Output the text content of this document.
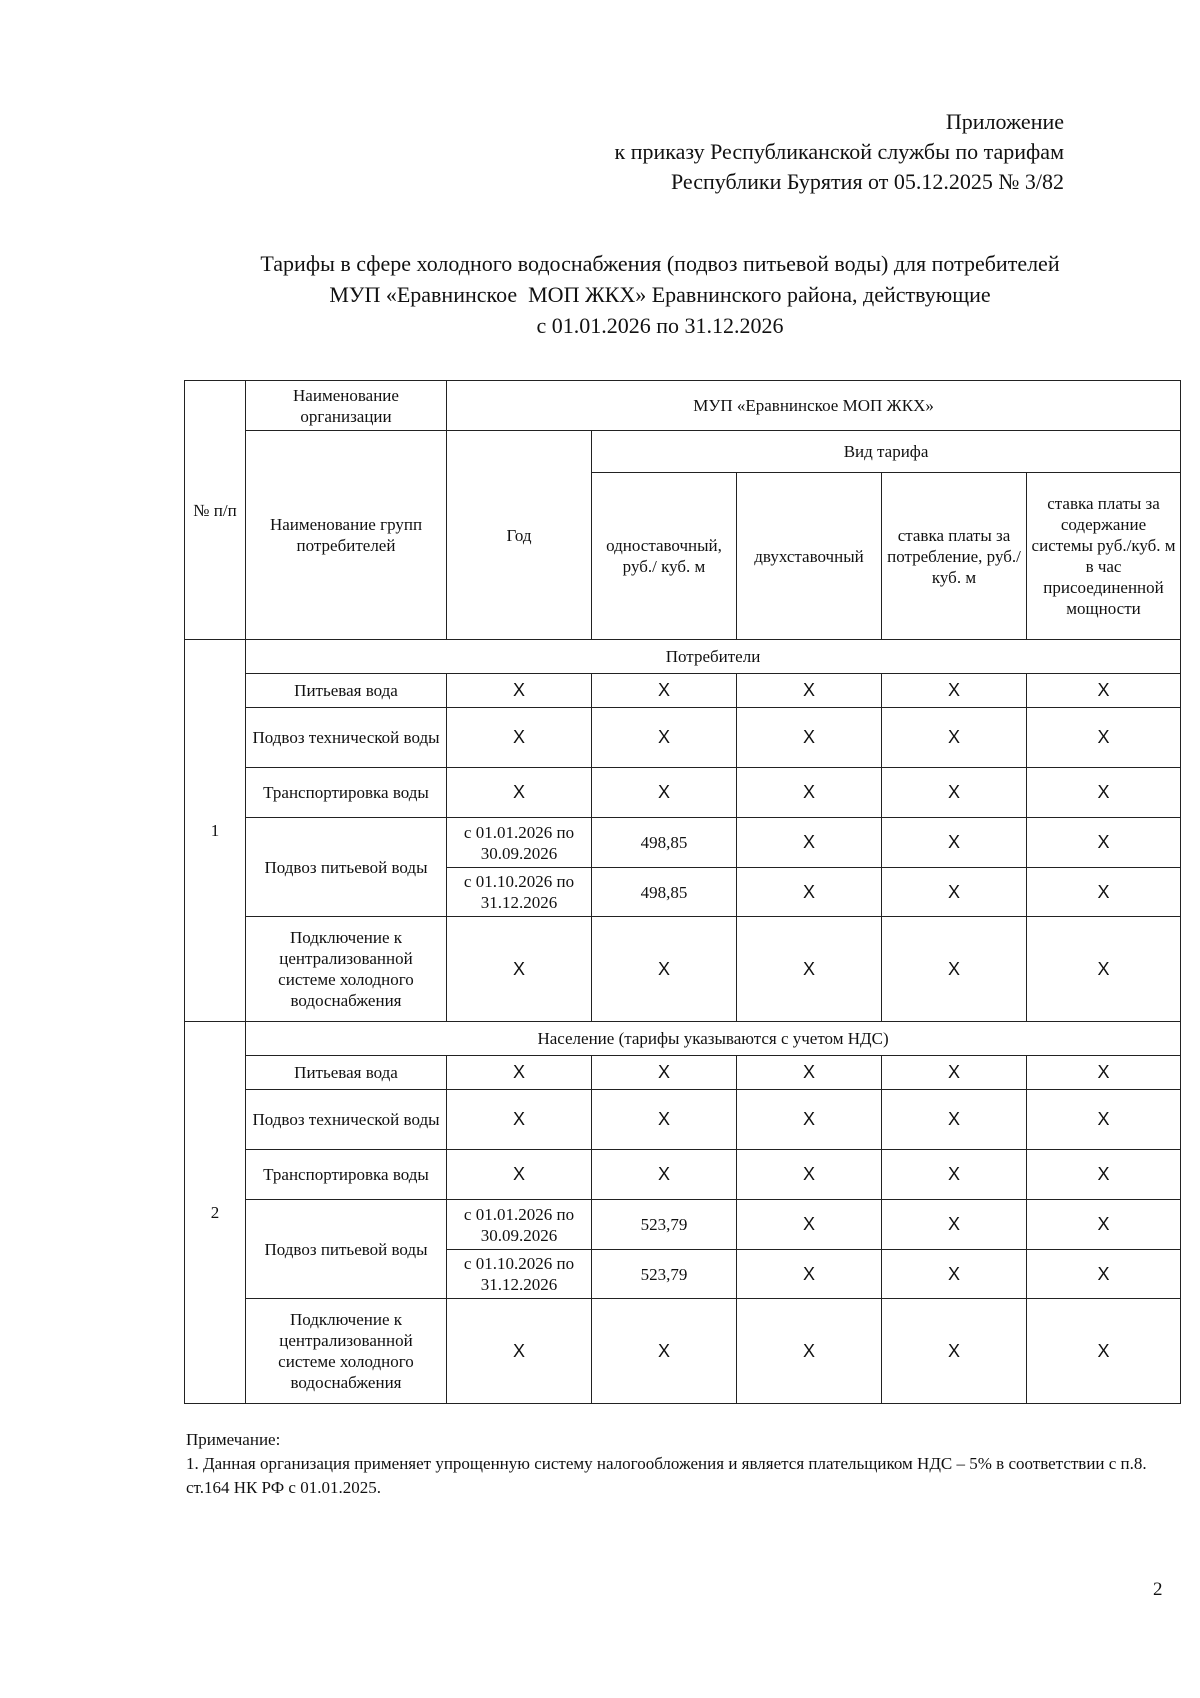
Приложение
к приказу Республиканской службы по тарифам
Республики Бурятия от 05.12.2025 № 3/82
Тарифы в сфере холодного водоснабжения (подвоз питьевой воды) для потребителей
МУП «Еравнинское  МОП ЖКХ» Еравнинского района, действующие
с 01.01.2026 по 31.12.2026
№ п/п	Наименование организации	МУП «Еравнинское МОП ЖКХ»				
	Наименование групп потребителей	Год	Вид тарифа			
			одноставочный, руб./ куб. м	двухставочный	ставка платы за потребление, руб./ куб. м	ставка платы за содержание системы руб./куб. м в час присоединенной мощности
1	Потребители					
	Питьевая вода	X	X	X	X	X
	Подвоз технической воды	X	X	X	X	X
	Транспортировка воды	X	X	X	X	X
	Подвоз питьевой воды	с 01.01.2026 по 30.09.2026	498,85	X	X	X
		с 01.10.2026 по 31.12.2026	498,85	X	X	X
	Подключение к централизованной системе холодного водоснабжения	X	X	X	X	X
2	Население (тарифы указываются с учетом НДС)					
	Питьевая вода	X	X	X	X	X
	Подвоз технической воды	X	X	X	X	X
	Транспортировка воды	X	X	X	X	X
	Подвоз питьевой воды	с 01.01.2026 по 30.09.2026	523,79	X	X	X
		с 01.10.2026 по 31.12.2026	523,79	X	X	X
	Подключение к централизованной системе холодного водоснабжения	X	X	X	X	X
Примечание:
1. Данная организация применяет упрощенную систему налогообложения и является плательщиком НДС – 5% в соответствии с п.8. ст.164 НК РФ с 01.01.2025.
2
